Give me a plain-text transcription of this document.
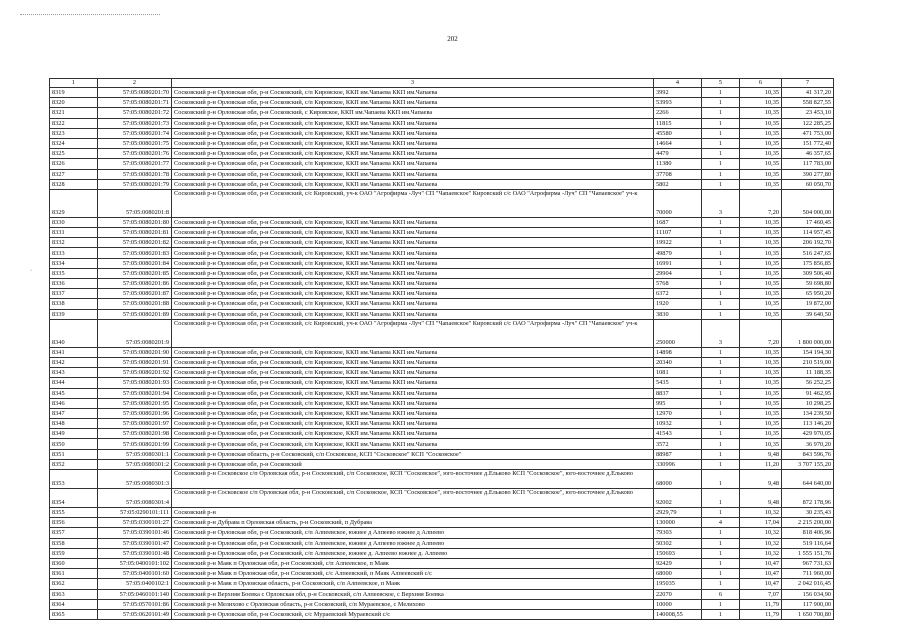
202
·
1	2	3	4	5	6	7
8319	57:05:0080201:70	Сосковский р-н Орловская обл, р-н Сосковский, с/п Кировское, ККП им.Чапаева ККП им.Чапаева	3992	1	10,35	41 317,20
8320	57:05:0080201:71	Сосковский р-н Орловская обл, р-н Сосковский, с/п Кировское, ККП им.Чапаева ККП им.Чапаева	53993	1	10,35	558 827,55
8321	57:05:0080201:72	Сосковский р-н Орловская обл, р-н Сосковский, с Кировское, ККП им.Чапаева ККП им.Чапаева	2266	1	10,35	23 453,10
8322	57:05:0080201:73	Сосковский р-н Орловская обл, р-н Сосковский, с/п Кировское, ККП им.Чапаева ККП им.Чапаева	11815	1	10,35	122 285,25
8323	57:05:0080201:74	Сосковский р-н Орловская обл, р-н Сосковский, с/п Кировское, ККП им.Чапаева ККП им.Чапаева	45580	1	10,35	471 753,00
8324	57:05:0080201:75	Сосковский р-н Орловская обл, р-н Сосковский, с/п Кировское, ККП им.Чапаева ККП им.Чапаева	14664	1	10,35	151 772,40
8325	57:05:0080201:76	Сосковский р-н Орловская обл, р-н Сосковский, с/п Кировское, ККП им.Чапаева ККП им.Чапаева	4479	1	10,35	46 357,65
8326	57:05:0080201:77	Сосковский р-н Орловская обл, р-н Сосковский, с/п Кировское, ККП им.Чапаева ККП им.Чапаева	11380	1	10,35	117 783,00
8327	57:05:0080201:78	Сосковский р-н Орловская обл, р-н Сосковский, с/п Кировское, ККП им.Чапаева ККП им.Чапаева	37708	1	10,35	390 277,80
8328	57:05:0080201:79	Сосковский р-н Орловская обл, р-н Сосковский, с/п Кировское, ККП им.Чапаева ККП им.Чапаева	5802	1	10,35	60 050,70
8329	57:05:0080201:8	Сосковский р-н Орловская обл, р-н Сосковский, с/с Кировский, уч-к ОАО "Агрофирма -Луч" СП "Чапаевское" Кировский с/с ОАО "Агрофирма -Луч" СП "Чапаевское" уч-к	70000	3	7,20	504 000,00
8330	57:05:0080201:80	Сосковский р-н Орловская обл, р-н Сосковский, с/п Кировское, ККП им.Чапаева ККП им.Чапаева	1687	1	10,35	17 460,45
8331	57:05:0080201:81	Сосковский р-н Орловская обл, р-н Сосковский, с/п Кировское, ККП им.Чапаева ККП им.Чапаева	11107	1	10,35	114 957,45
8332	57:05:0080201:82	Сосковский р-н Орловская обл, р-н Сосковский, с/п Кировское, ККП им.Чапаева ККП им.Чапаева	19922	1	10,35	206 192,70
8333	57:05:0080201:83	Сосковский р-н Орловская обл, р-н Сосковский, с/п Кировское, ККП им.Чапаева ККП им.Чапаева	49879	1	10,35	516 247,65
8334	57:05:0080201:84	Сосковский р-н Орловская обл, р-н Сосковский, с/п Кировское, ККП им.Чапаева ККП им.Чапаева	16991	1	10,35	175 856,85
8335	57:05:0080201:85	Сосковский р-н Орловская обл, р-н Сосковский, с/п Кировское, ККП им.Чапаева ККП им.Чапаева	29904	1	10,35	309 506,40
8336	57:05:0080201:86	Сосковский р-н Орловская обл, р-н Сосковский, с/п Кировское, ККП им.Чапаева ККП им.Чапаева	5768	1	10,35	59 698,80
8337	57:05:0080201:87	Сосковский р-н Орловская обл, р-н Сосковский, с/п Кировское, ККП им.Чапаева ККП им.Чапаева	6372	1	10,35	65 950,20
8338	57:05:0080201:88	Сосковский р-н Орловская обл, р-н Сосковский, с/п Кировское, ККП им.Чапаева ККП им.Чапаева	1920	1	10,35	19 872,00
8339	57:05:0080201:89	Сосковский р-н Орловская обл, р-н Сосковский, с/п Кировское, ККП им.Чапаева ККП им.Чапаева	3830	1	10,35	39 640,50
8340	57:05:0080201:9	Сосковский р-н Орловская обл, р-н Сосковский, с/с Кировский, уч-к ОАО "Агрофирма -Луч" СП "Чапаевское" Кировский с/с ОАО "Агрофирма -Луч" СП "Чапаевское" уч-к	250000	3	7,20	1 800 000,00
8341	57:05:0080201:90	Сосковский р-н Орловская обл, р-н Сосковский, с/п Кировское, ККП им.Чапаева ККП им.Чапаева	14898	1	10,35	154 194,30
8342	57:05:0080201:91	Сосковский р-н Орловская обл, р-н Сосковский, с/п Кировское, ККП им.Чапаева ККП им.Чапаева	20340	1	10,35	210 519,00
8343	57:05:0080201:92	Сосковский р-н Орловская обл, р-н Сосковский, с/п Кировское, ККП им.Чапаева ККП им.Чапаева	1081	1	10,35	11 188,35
8344	57:05:0080201:93	Сосковский р-н Орловская обл, р-н Сосковский, с/п Кировское, ККП им.Чапаева ККП им.Чапаева	5435	1	10,35	56 252,25
8345	57:05:0080201:94	Сосковский р-н Орловская обл, р-н Сосковский, с/п Кировское, ККП им.Чапаева ККП им.Чапаева	8837	1	10,35	91 462,95
8346	57:05:0080201:95	Сосковский р-н Орловская обл, р-н Сосковский, с/п Кировское, ККП им.Чапаева ККП им.Чапаева	995	1	10,35	10 298,25
8347	57:05:0080201:96	Сосковский р-н Орловская обл, р-н Сосковский, с/п Кировское, ККП им.Чапаева ККП им.Чапаева	12970	1	10,35	134 239,50
8348	57:05:0080201:97	Сосковский р-н Орловская обл, р-н Сосковский, с/п Кировское, ККП им.Чапаева ККП им.Чапаева	10932	1	10,35	113 146,20
8349	57:05:0080201:98	Сосковский р-н Орловская обл, р-н Сосковский, с/п Кировское, ККП им.Чапаева ККП им.Чапаева	41543	1	10,35	429 970,05
8350	57:05:0080201:99	Сосковский р-н Орловская обл, р-н Сосковский, с/п Кировское, ККП им.Чапаева ККП им.Чапаева	3572	1	10,35	36 970,20
8351	57:05:0080301:1	Сосковский р-н Орловская область, р-н Сосковский, с/п Сосковское, КСП "Сосковское" КСП "Сосковское"	88987	1	9,48	843 596,76
8352	57:05:0080301:2	Сосковский р-н Орловская обл, р-н Сосковский	330996	1	11,20	3 707 155,20
8353	57:05:0080301:3	Сосковский р-н Сосковское с/п Орловская обл, р-н Сосковский, с/п Сосковское, КСП "Сосковское", юго-восточнее д.Ельково КСП "Сосковское", юго-восточнее д.Ельково	68000	1	9,48	644 640,00
8354	57:05:0080301:4	Сосковский р-н Сосковское с/п Орловская обл, р-н Сосковский, с/п Сосковское, КСП "Сосковское", юго-восточнее д.Ельково КСП "Сосковское", юго-восточнее д.Ельково	92002	1	9,48	872 178,96
8355	57:05:0290101:111	Сосковский р-н	2929,79	1	10,32	30 235,43
8356	57:05:0300101:27	Сосковский р-н Дубрава п Орловская область, р-н Сосковский, п Дубрава	130000	4	17,04	2 215 200,00
8357	57:05:0390101:46	Сосковский р-н Орловская обл, р-н Сосковский, с/п Алпеевское, южнее д Алпеево южнее д Алпеево	79303	1	10,32	818 406,96
8358	57:05:0390101:47	Сосковский р-н Орловская обл, р-н Сосковский, с/п Алпеевское, южнее д Алпеево южнее д Алпеево	50302	1	10,32	519 116,64
8359	57:05:0390101:48	Сосковский р-н Орловская обл, р-н Сосковский, с/п Алпеевское, южнее д. Алпеево южнее д. Алпеево	150693	1	10,32	1 555 151,76
8360	57:05:0400101:102	Сосковский р-н Маяк п Орловская обл, р-н Сосковский, с/п Алпеевское, п Маяк	92429	1	10,47	967 731,63
8361	57:05:0400101:60	Сосковский р-н Маяк п Орловская обл, р-н Сосковский, с/с Алпеевский, п Маяк Алпеевский с/с	68000	1	10,47	711 960,00
8362	57:05:0400102:1	Сосковский р-н Маяк п Орловская область, р-н Сосковский, с/п Алпеевское, п Маяк	195035	1	10,47	2 042 016,45
8363	57:05:0460101:140	Сосковский р-н Верхняя Боевка с Орловская обл, р-н Сосковский, с/п Алпеевское, с Верхняя Боевка	22070	6	7,07	156 034,90
8364	57:05:0570101:86	Сосковский р-н Мелихово с Орловская область, р-н Сосковский, с/п Мураевское, с Мелихово	10000	1	11,79	117 900,00
8365	57:05:0620101:49	Сосковский р-н Орловская обл, р-н Сосковский, с/с Мураевский Мураевский с/с	140008,55	1	11,79	1 650 700,80
